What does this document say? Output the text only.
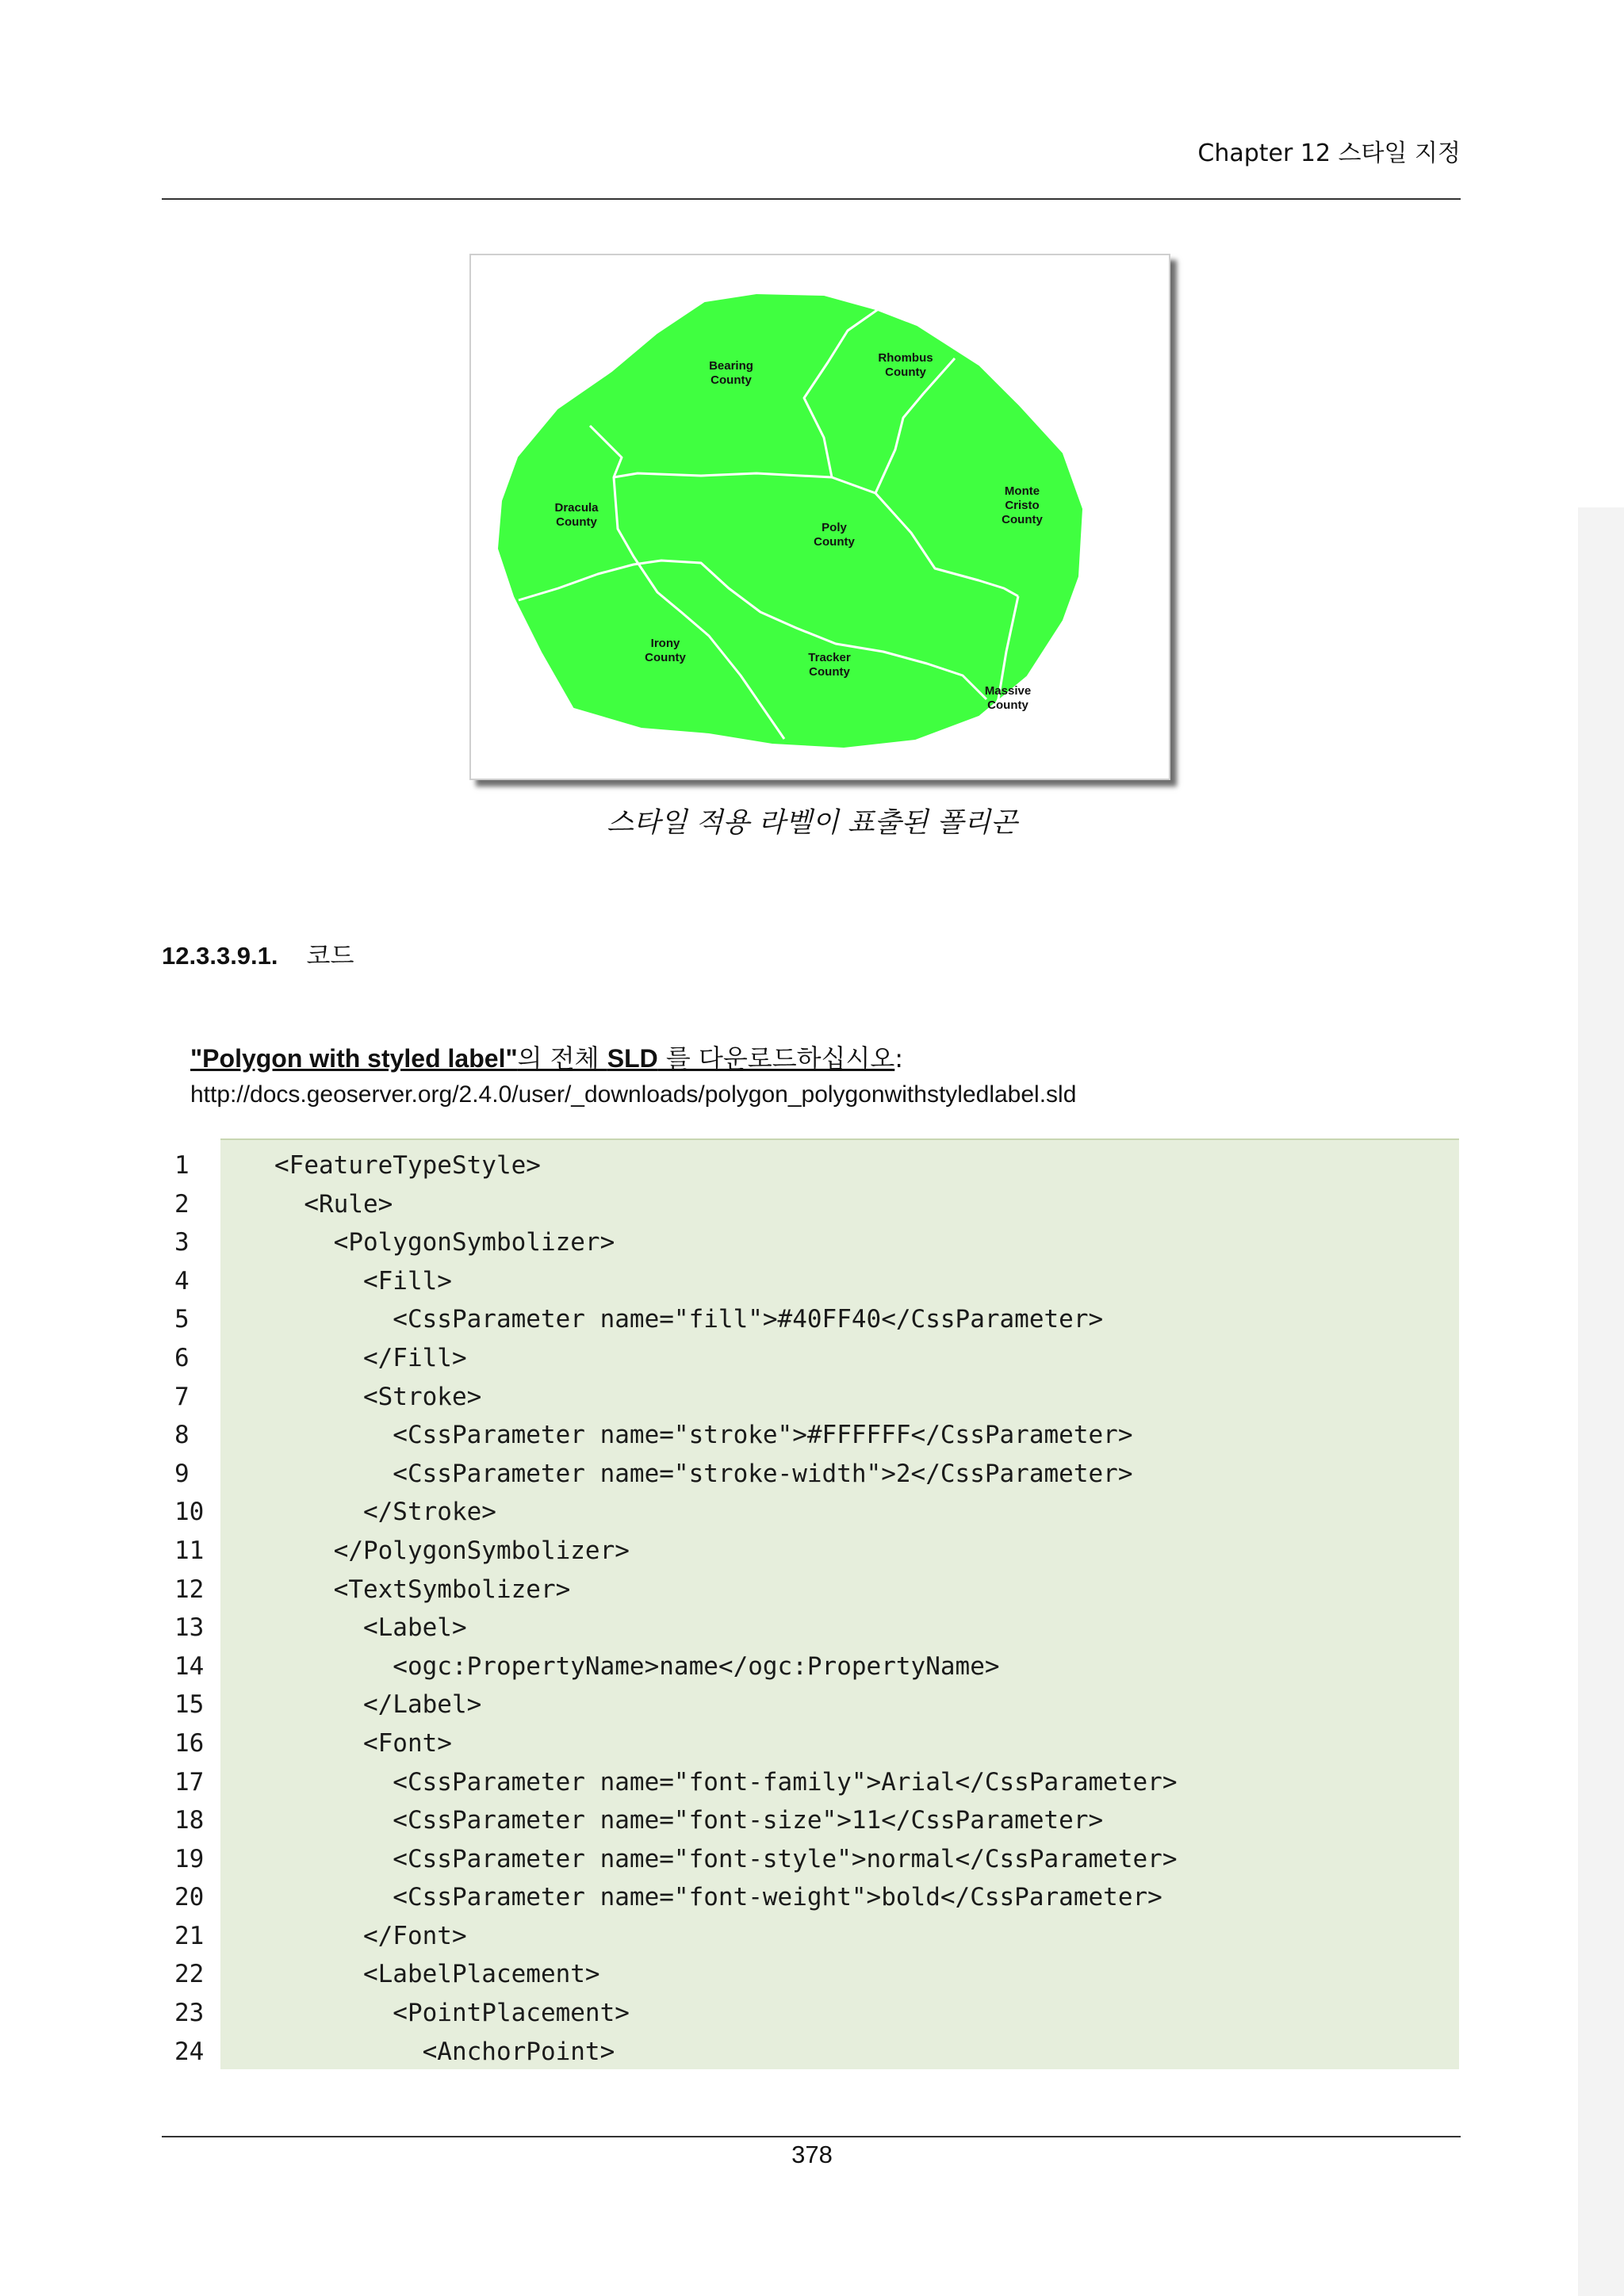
Chapter 12 스타일 지정
Bearing
County
Rhombus
County
Monte
Cristo
County
Dracula
County	Poly
County
Irony
County	Tracker
County
Massive
County
스타일 적용 라벨이 표출된 폴리곤
12.3.3.9.1. 코드
"Polygon with styled label"의 전체 SLD 를 다운로드하십시오:
http://docs.geoserver.org/2.4.0/user/_downloads/polygon_polygonwithstyledlabel.sld
1
2
3
4
5
6
7
8
9
10
11
12
13
14
15
16
17
18
19
20
21
22
23
24
<FeatureTypeStyle>
<Rule>
<PolygonSymbolizer>
<Fill>
<CssParameter name="fill">#40FF40</CssParameter>
</Fill>
<Stroke>
<CssParameter name="stroke">#FFFFFF</CssParameter>
<CssParameter name="stroke-width">2</CssParameter>
</Stroke>
</PolygonSymbolizer>
<TextSymbolizer>
<Label>
<ogc:PropertyName>name</ogc:PropertyName>
</Label>
<Font>
<CssParameter name="font-family">Arial</CssParameter>
<CssParameter name="font-size">11</CssParameter>
<CssParameter name="font-style">normal</CssParameter>
<CssParameter name="font-weight">bold</CssParameter>
</Font>
<LabelPlacement>
<PointPlacement>
<AnchorPoint>
378
